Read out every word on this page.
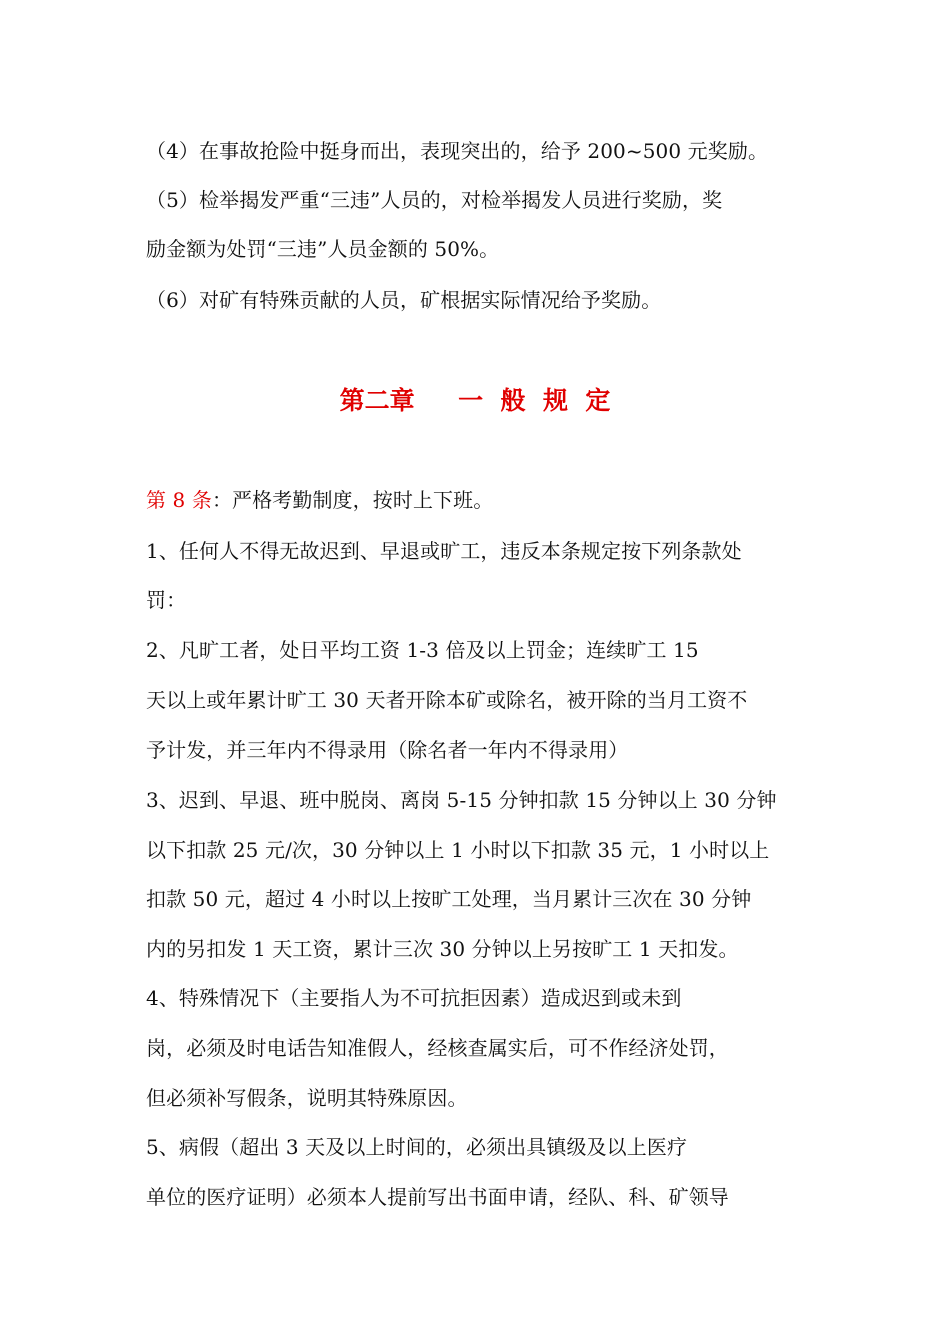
（4）在事故抢险中挺身而出，表现突出的，给予 200~500 元奖励。
（5）检举揭发严重“三违”人员的，对检举揭发人员进行奖励，奖
励金额为处罚“三违”人员金额的 50%。
（6）对矿有特殊贡献的人员，矿根据实际情况给予奖励。
第二章     一  般  规  定
第 8 条：严格考勤制度，按时上下班。
1、任何人不得无故迟到、早退或旷工，违反本条规定按下列条款处
罚：
2、凡旷工者，处日平均工资 1-3 倍及以上罚金；连续旷工 15
天以上或年累计旷工 30 天者开除本矿或除名，被开除的当月工资不
予计发，并三年内不得录用（除名者一年内不得录用）
3、迟到、早退、班中脱岗、离岗 5-15 分钟扣款 15 分钟以上 30 分钟
以下扣款 25 元/次，30 分钟以上 1 小时以下扣款 35 元，1 小时以上
扣款 50 元，超过 4 小时以上按旷工处理，当月累计三次在 30 分钟
内的另扣发 1 天工资，累计三次 30 分钟以上另按旷工 1 天扣发。
4、特殊情况下（主要指人为不可抗拒因素）造成迟到或未到
岗，必须及时电话告知准假人，经核查属实后，可不作经济处罚，
但必须补写假条，说明其特殊原因。
5、病假（超出 3 天及以上时间的，必须出具镇级及以上医疗
单位的医疗证明）必须本人提前写出书面申请，经队、科、矿领导
